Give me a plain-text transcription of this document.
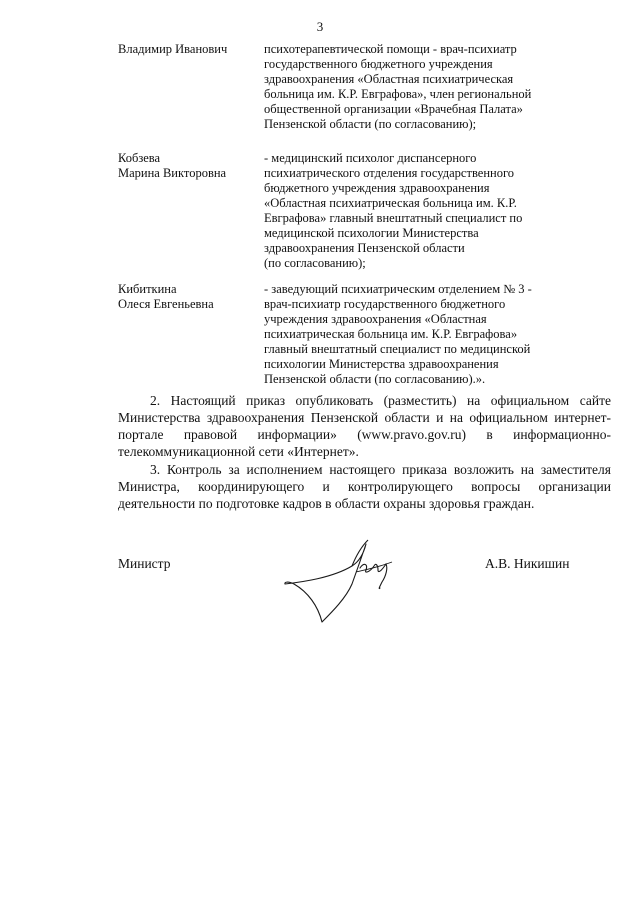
3
Владимир Иванович	психотерапевтической помощи - врач-психиатр
государственного бюджетного учреждения
здравоохранения «Областная психиатрическая
больница им. К.Р. Евграфова», член региональной
общественной организации «Врачебная Палата»
Пензенской области (по согласованию);
Кобзева
Марина Викторовна
- медицинский психолог диспансерного
психиатрического отделения государственного
бюджетного учреждения здравоохранения
«Областная психиатрическая больница им. К.Р.
Евграфова» главный внештатный специалист по
медицинской психологии Министерства
здравоохранения Пензенской области
(по согласованию);
Кибиткина
Олеся Евгеньевна
- заведующий психиатрическим отделением № 3 -
врач-психиатр государственного бюджетного
учреждения здравоохранения «Областная
психиатрическая больница им. К.Р. Евграфова»
главный внештатный специалист по медицинской
психологии Министерства здравоохранения
Пензенской области (по согласованию).».
2. Настоящий приказ опубликовать (разместить) на официальном сайте Министерства здравоохранения Пензенской области и на официальном интернет- портале правовой информации» (www.pravo.gov.ru) в информационно- телекоммуникационной сети «Интернет».
3. Контроль за исполнением настоящего приказа возложить на заместителя Министра, координирующего и контролирующего вопросы организации деятельности по подготовке кадров в области охраны здоровья граждан.
Министр	А.В. Никишин
